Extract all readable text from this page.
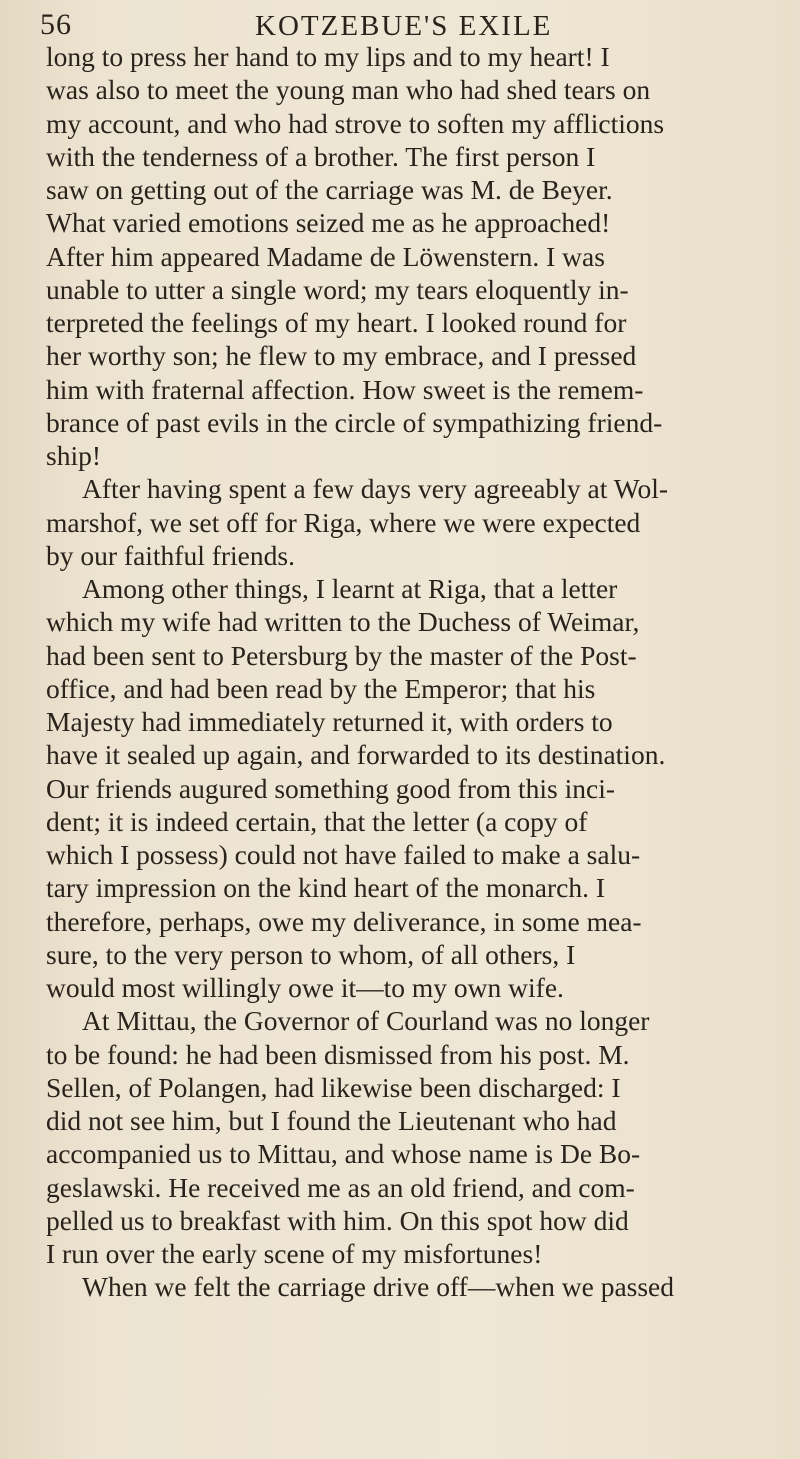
56	KOTZEBUE'S EXILE
long to press her hand to my lips and to my heart! I
was also to meet the young man who had shed tears on
my account, and who had strove to soften my afflictions
with the tenderness of a brother. The first person I
saw on getting out of the carriage was M. de Beyer.
What varied emotions seized me as he approached!
After him appeared Madame de Löwenstern. I was
unable to utter a single word; my tears eloquently in-
terpreted the feelings of my heart. I looked round for
her worthy son; he flew to my embrace, and I pressed
him with fraternal affection. How sweet is the remem-
brance of past evils in the circle of sympathizing friend-
ship!
After having spent a few days very agreeably at Wol-
marshof, we set off for Riga, where we were expected
by our faithful friends.
Among other things, I learnt at Riga, that a letter
which my wife had written to the Duchess of Weimar,
had been sent to Petersburg by the master of the Post-
office, and had been read by the Emperor; that his
Majesty had immediately returned it, with orders to
have it sealed up again, and forwarded to its destination.
Our friends augured something good from this inci-
dent; it is indeed certain, that the letter (a copy of
which I possess) could not have failed to make a salu-
tary impression on the kind heart of the monarch. I
therefore, perhaps, owe my deliverance, in some mea-
sure, to the very person to whom, of all others, I
would most willingly owe it—to my own wife.
At Mittau, the Governor of Courland was no longer
to be found: he had been dismissed from his post. M.
Sellen, of Polangen, had likewise been discharged: I
did not see him, but I found the Lieutenant who had
accompanied us to Mittau, and whose name is De Bo-
geslawski. He received me as an old friend, and com-
pelled us to breakfast with him. On this spot how did
I run over the early scene of my misfortunes!
When we felt the carriage drive off—when we passed
